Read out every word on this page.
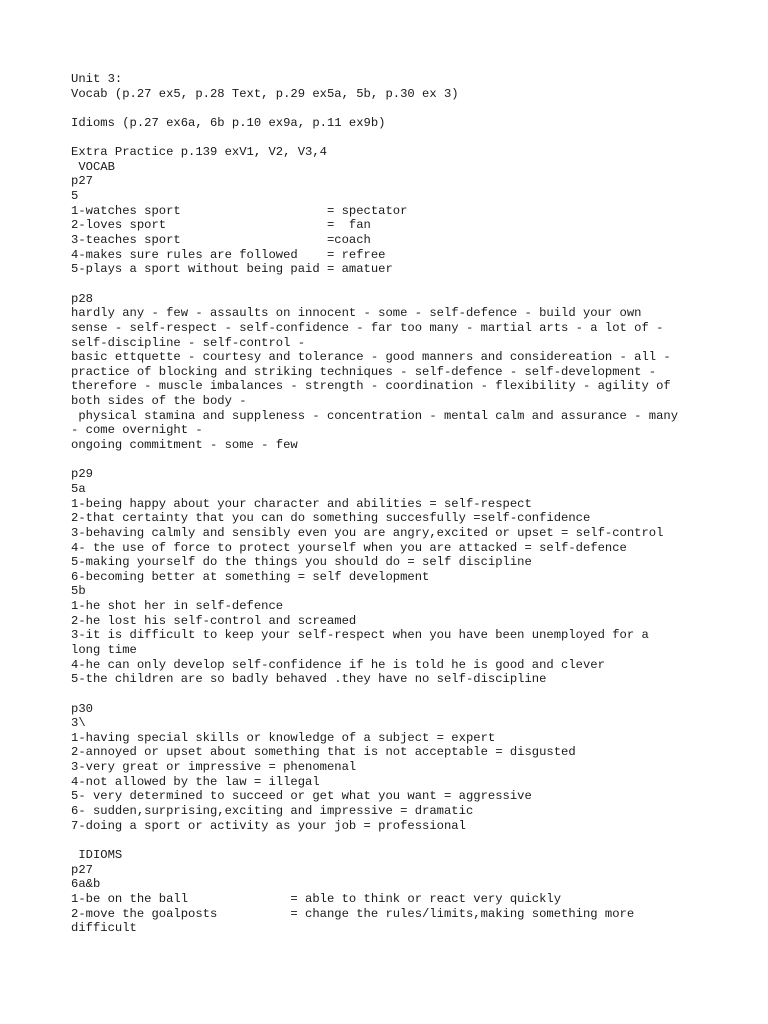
Unit 3:
Vocab (p.27 ex5, p.28 Text, p.29 ex5a, 5b, p.30 ex 3)
Idioms (p.27 ex6a, 6b p.10 ex9a, p.11 ex9b)
Extra Practice p.139 exV1, V2, V3,4
VOCAB
p27
5
1-watches sport                    = spectator
2-loves sport                      =  fan
3-teaches sport                    =coach
4-makes sure rules are followed    = refree
5-plays a sport without being paid = amatuer
p28
hardly any - few - assaults on innocent - some - self-defence - build your own
sense - self-respect - self-confidence - far too many - martial arts - a lot of -
self-discipline - self-control -
basic ettquette - courtesy and tolerance - good manners and considereation - all -
practice of blocking and striking techniques - self-defence - self-development -
therefore - muscle imbalances - strength - coordination - flexibility - agility of
both sides of the body -
physical stamina and suppleness - concentration - mental calm and assurance - many
- come overnight -
ongoing commitment - some - few
p29
5a
1-being happy about your character and abilities = self-respect
2-that certainty that you can do something succesfully =self-confidence
3-behaving calmly and sensibly even you are angry,excited or upset = self-control
4- the use of force to protect yourself when you are attacked = self-defence
5-making yourself do the things you should do = self discipline
6-becoming better at something = self development
5b
1-he shot her in self-defence
2-he lost his self-control and screamed
3-it is difficult to keep your self-respect when you have been unemployed for a
long time
4-he can only develop self-confidence if he is told he is good and clever
5-the children are so badly behaved .they have no self-discipline
p30
3\
1-having special skills or knowledge of a subject = expert
2-annoyed or upset about something that is not acceptable = disgusted
3-very great or impressive = phenomenal
4-not allowed by the law = illegal
5- very determined to succeed or get what you want = aggressive
6- sudden,surprising,exciting and impressive = dramatic
7-doing a sport or activity as your job = professional
IDIOMS
p27
6a&b
1-be on the ball              = able to think or react very quickly
2-move the goalposts          = change the rules/limits,making something more
difficult
